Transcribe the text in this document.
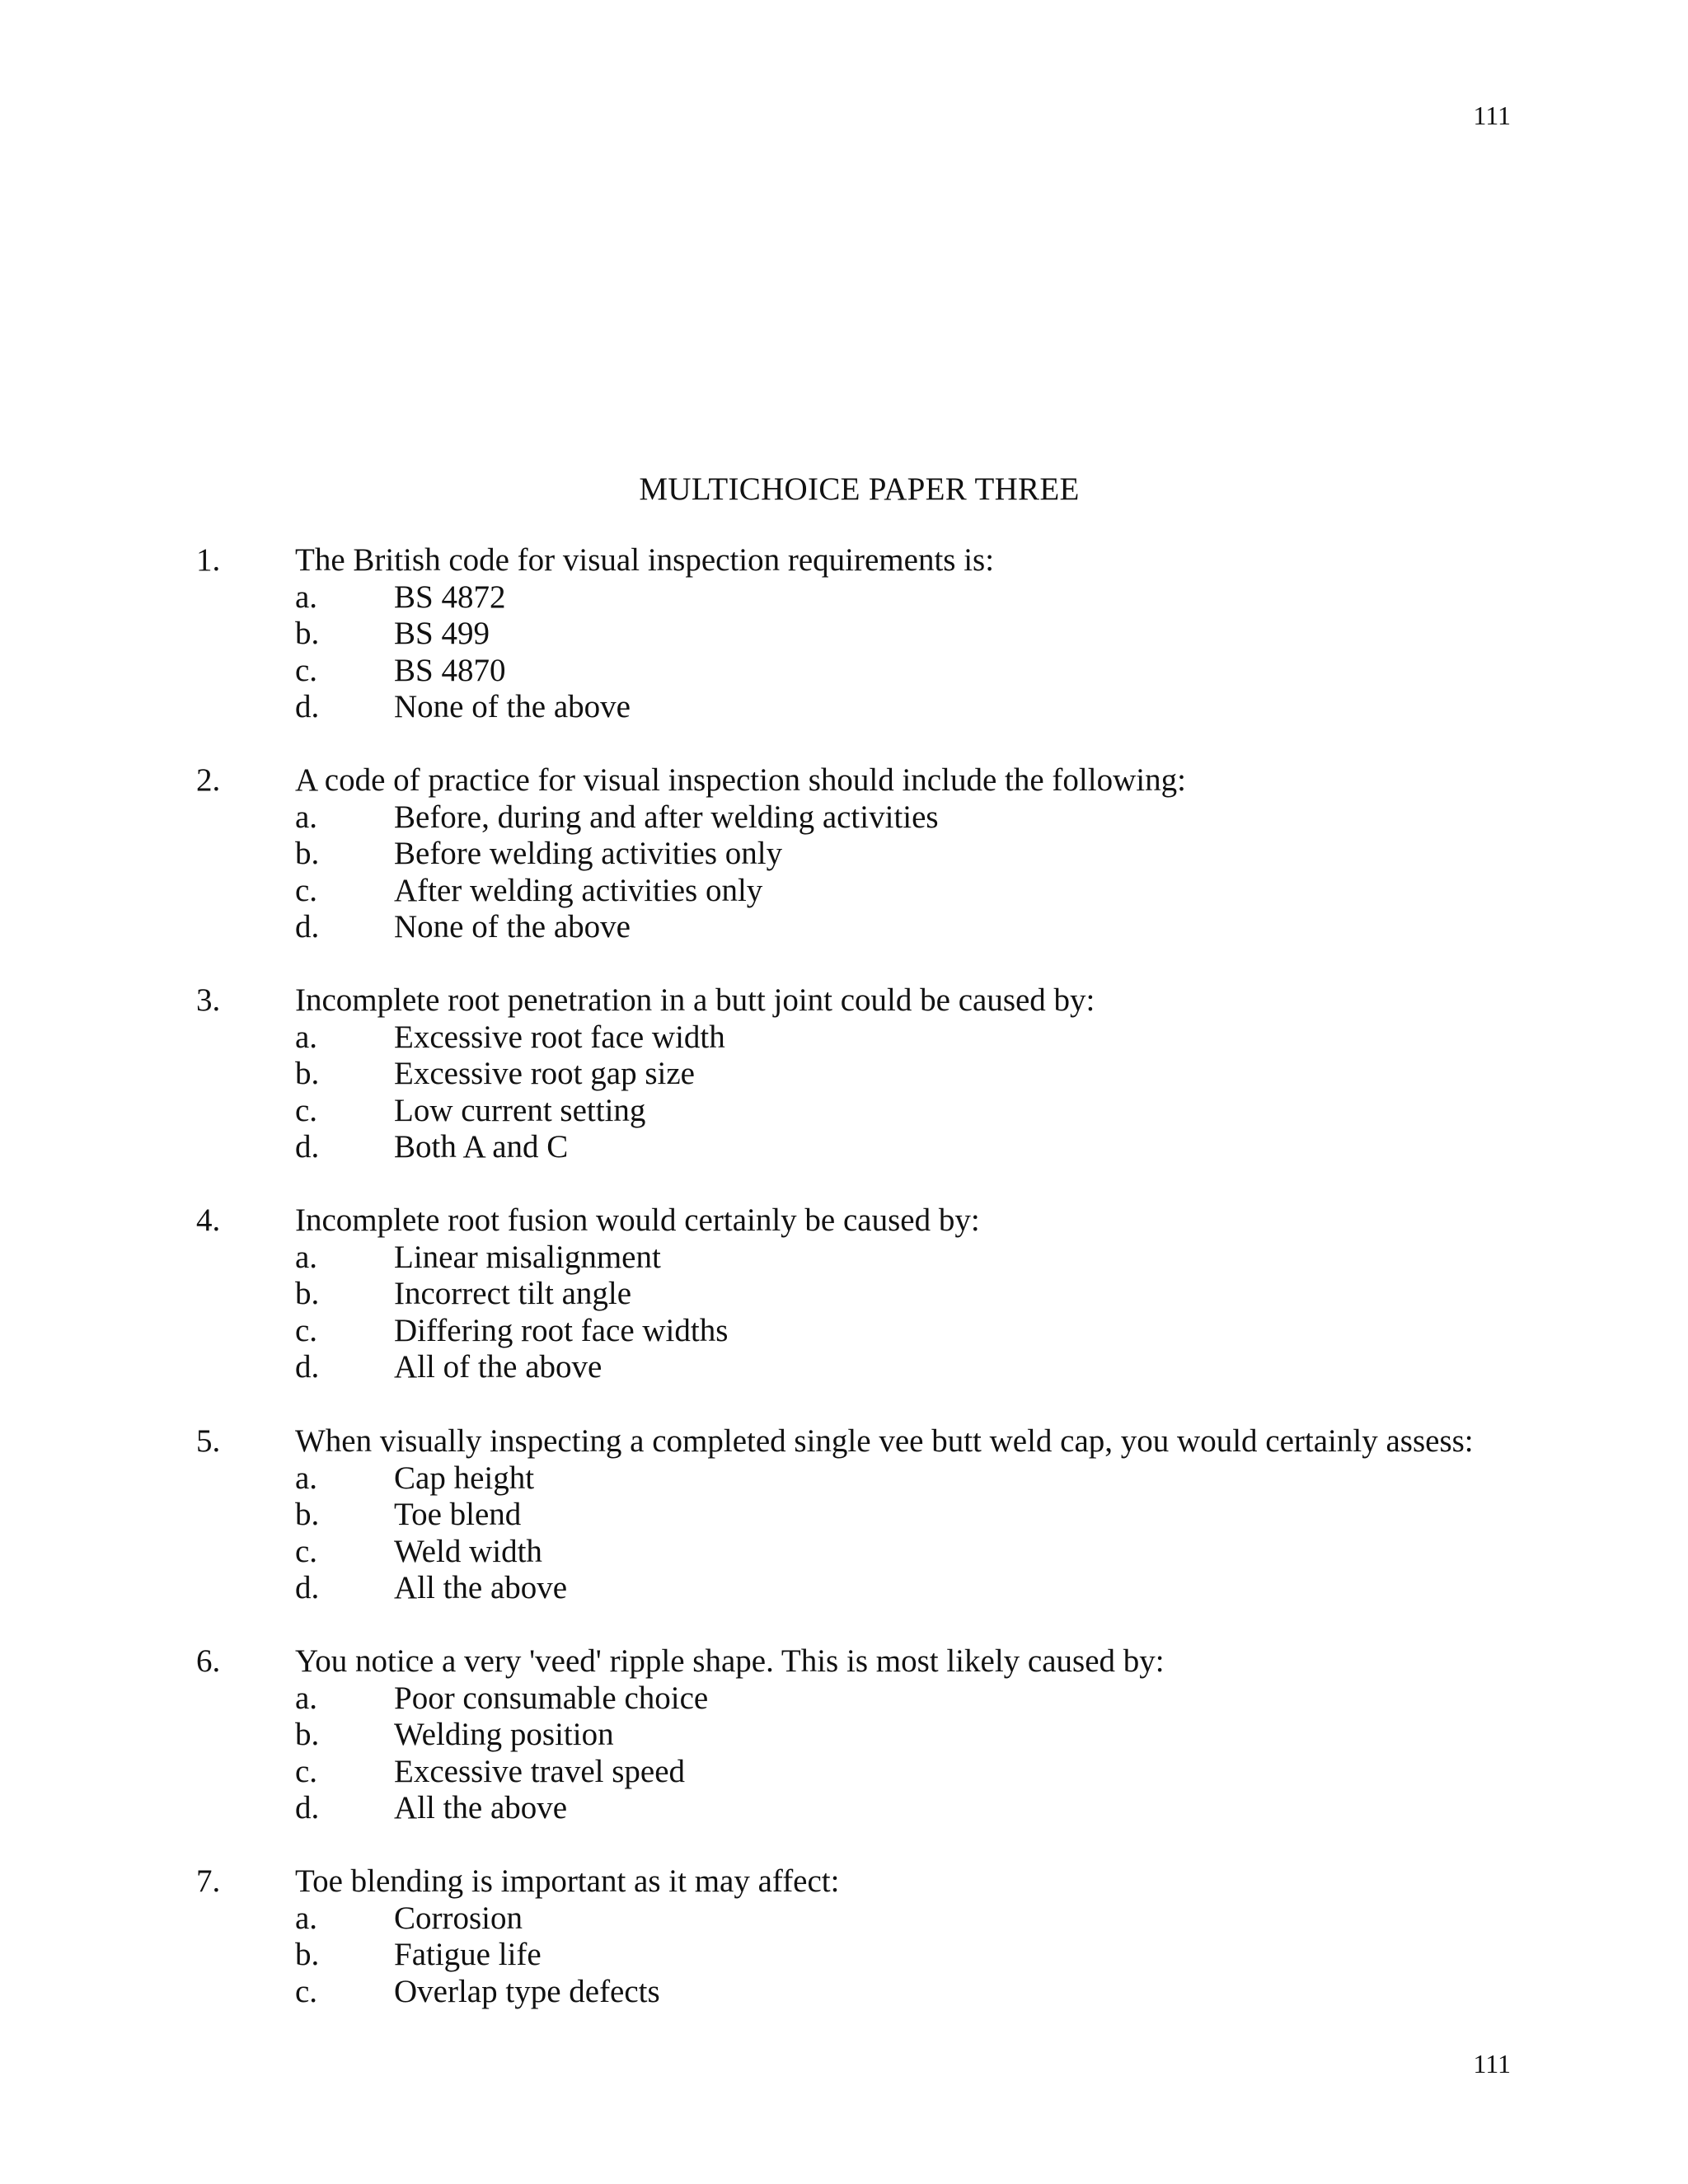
111
MULTICHOICE PAPER THREE
1. The British code for visual inspection requirements is:
a. BS 4872
b. BS 499
c. BS 4870
d. None of the above
2. A code of practice for visual inspection should include the following:
a. Before, during and after welding activities
b. Before welding activities only
c. After welding activities only
d. None of the above
3. Incomplete root penetration in a butt joint could be caused by:
a. Excessive root face width
b. Excessive root gap size
c. Low current setting
d. Both A and C
4. Incomplete root fusion would certainly be caused by:
a. Linear misalignment
b. Incorrect tilt angle
c. Differing root face widths
d. All of the above
5. When visually inspecting a completed single vee butt weld cap, you would certainly assess:
a. Cap height
b. Toe blend
c. Weld width
d. All the above
6. You notice a very 'veed' ripple shape. This is most likely caused by:
a. Poor consumable choice
b. Welding position
c. Excessive travel speed
d. All the above
7. Toe blending is important as it may affect:
a. Corrosion
b. Fatigue life
c. Overlap type defects
111
